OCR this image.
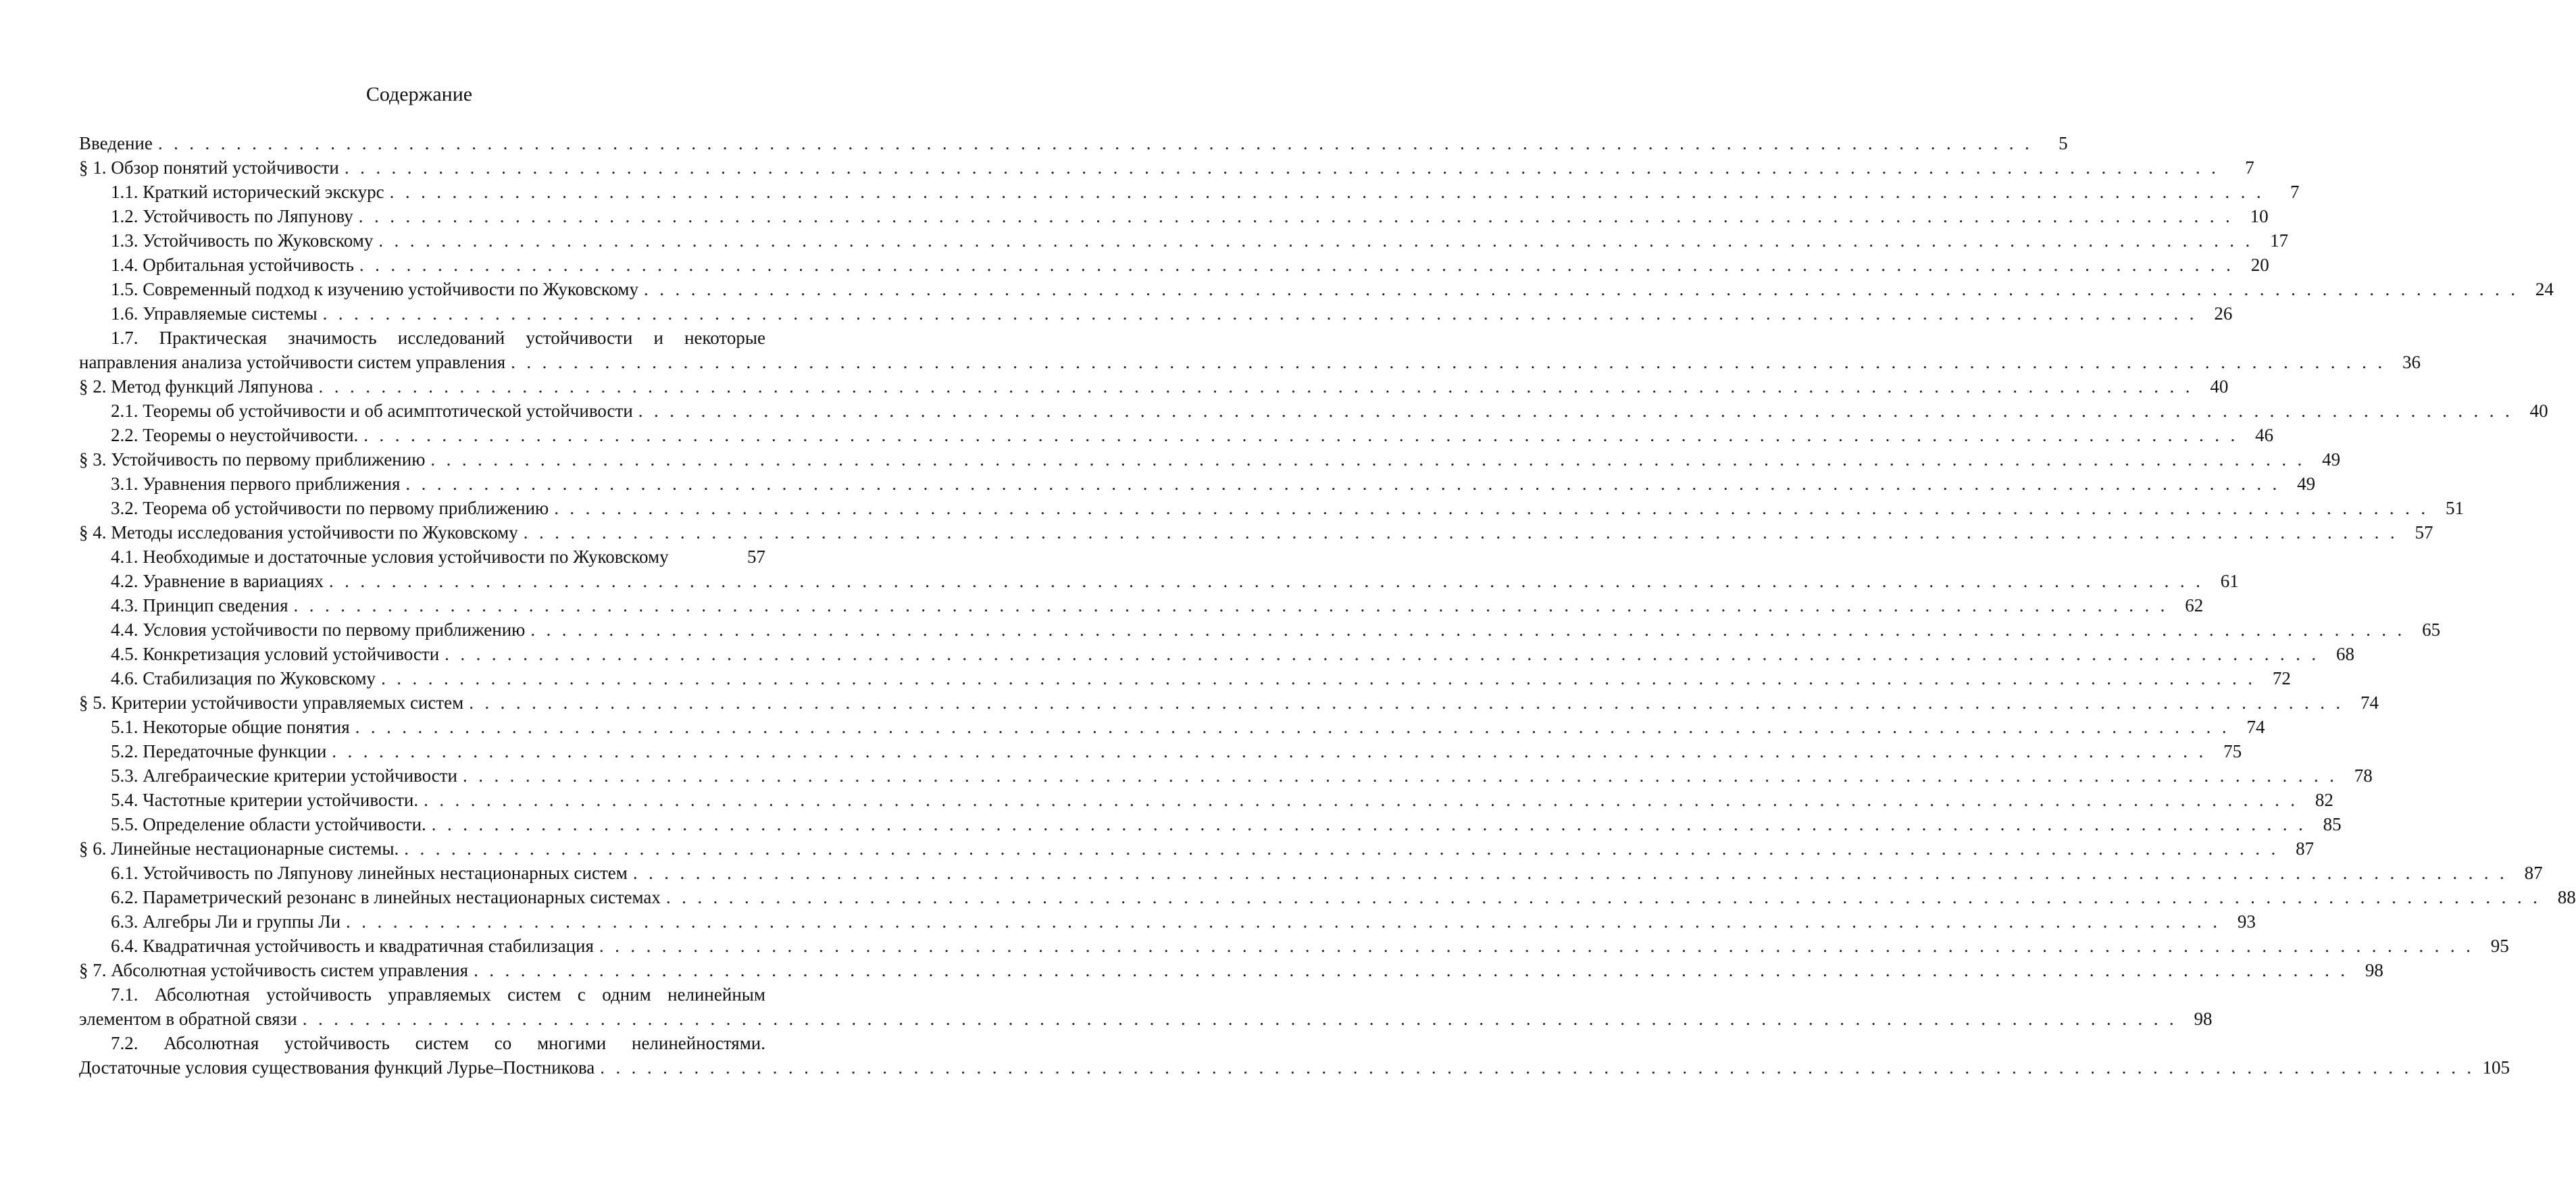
Содержание
Введение . . . . . . . . . . . . . . . . . . . . . . . . . . . . . . . . . . . . . . . . . . . . . . . . . . . . . . . . . . . . . . . . . . . . . . . . . . . . . . . . . . . . . . . . . . . . . . . . . . . . . . . . . . . . . . . . . . . . . . . .	5
§ 1. Обзор понятий устойчивости . . . . . . . . . . . . . . . . . . . . . . . . . . . . . . . . . . . . . . . . . . . . . . . . . . . . . . . . . . . . . . . . . . . . . . . . . . . . . . . . . . . . . . . . . . . . . . . . . . . . . . . . . . . . . . . . . . . . . . . .	7
1.1. Краткий исторический экскурс . . . . . . . . . . . . . . . . . . . . . . . . . . . . . . . . . . . . . . . . . . . . . . . . . . . . . . . . . . . . . . . . . . . . . . . . . . . . . . . . . . . . . . . . . . . . . . . . . . . . . . . . . . . . . . . . . . . . . . . .	7
1.2. Устойчивость по Ляпунову . . . . . . . . . . . . . . . . . . . . . . . . . . . . . . . . . . . . . . . . . . . . . . . . . . . . . . . . . . . . . . . . . . . . . . . . . . . . . . . . . . . . . . . . . . . . . . . . . . . . . . . . . . . . . . . . . . . . . . . . 10
1.3. Устойчивость по Жуковскому . . . . . . . . . . . . . . . . . . . . . . . . . . . . . . . . . . . . . . . . . . . . . . . . . . . . . . . . . . . . . . . . . . . . . . . . . . . . . . . . . . . . . . . . . . . . . . . . . . . . . . . . . . . . . . . . . . . . . . . . 17
1.4. Орбитальная устойчивость . . . . . . . . . . . . . . . . . . . . . . . . . . . . . . . . . . . . . . . . . . . . . . . . . . . . . . . . . . . . . . . . . . . . . . . . . . . . . . . . . . . . . . . . . . . . . . . . . . . . . . . . . . . . . . . . . . . . . . . . 20
1.5. Современный подход к изучению устойчивости по Жуковскому . . . . . . . . . . . . . . . . . . . . . . . . . . . . . . . . . . . . . . . . . . . . . . . . . . . . . . . . . . . . . . . . . . . . . . . . . . . . . . . . . . . . . . . . . . . . . . . . . . . . . . . . . . . . . . . . . . . . . . . . 24
1.6. Управляемые системы . . . . . . . . . . . . . . . . . . . . . . . . . . . . . . . . . . . . . . . . . . . . . . . . . . . . . . . . . . . . . . . . . . . . . . . . . . . . . . . . . . . . . . . . . . . . . . . . . . . . . . . . . . . . . . . . . . . . . . . . 26
1.7. Практическая значимость исследований устойчивости и некоторые
направления анализа устойчивости систем управления . . . . . . . . . . . . . . . . . . . . . . . . . . . . . . . . . . . . . . . . . . . . . . . . . . . . . . . . . . . . . . . . . . . . . . . . . . . . . . . . . . . . . . . . . . . . . . . . . . . . . . . . . . . . . . . . . . . . . . . . 36
§ 2. Метод функций Ляпунова . . . . . . . . . . . . . . . . . . . . . . . . . . . . . . . . . . . . . . . . . . . . . . . . . . . . . . . . . . . . . . . . . . . . . . . . . . . . . . . . . . . . . . . . . . . . . . . . . . . . . . . . . . . . . . . . . . . . . . . . 40
2.1. Теоремы об устойчивости и об асимптотической устойчивости . . . . . . . . . . . . . . . . . . . . . . . . . . . . . . . . . . . . . . . . . . . . . . . . . . . . . . . . . . . . . . . . . . . . . . . . . . . . . . . . . . . . . . . . . . . . . . . . . . . . . . . . . . . . . . . . . . . . . . . . 40
2.2. Теоремы о неустойчивости. . . . . . . . . . . . . . . . . . . . . . . . . . . . . . . . . . . . . . . . . . . . . . . . . . . . . . . . . . . . . . . . . . . . . . . . . . . . . . . . . . . . . . . . . . . . . . . . . . . . . . . . . . . . . . . . . . . . . . . . . 46
§ 3. Устойчивость по первому приближению . . . . . . . . . . . . . . . . . . . . . . . . . . . . . . . . . . . . . . . . . . . . . . . . . . . . . . . . . . . . . . . . . . . . . . . . . . . . . . . . . . . . . . . . . . . . . . . . . . . . . . . . . . . . . . . . . . . . . . . . 49
3.1. Уравнения первого приближения . . . . . . . . . . . . . . . . . . . . . . . . . . . . . . . . . . . . . . . . . . . . . . . . . . . . . . . . . . . . . . . . . . . . . . . . . . . . . . . . . . . . . . . . . . . . . . . . . . . . . . . . . . . . . . . . . . . . . . . . 49
3.2. Теорема об устойчивости по первому приближению . . . . . . . . . . . . . . . . . . . . . . . . . . . . . . . . . . . . . . . . . . . . . . . . . . . . . . . . . . . . . . . . . . . . . . . . . . . . . . . . . . . . . . . . . . . . . . . . . . . . . . . . . . . . . . . . . . . . . . . . 51
§ 4. Методы исследования устойчивости по Жуковскому . . . . . . . . . . . . . . . . . . . . . . . . . . . . . . . . . . . . . . . . . . . . . . . . . . . . . . . . . . . . . . . . . . . . . . . . . . . . . . . . . . . . . . . . . . . . . . . . . . . . . . . . . . . . . . . . . . . . . . . . 57
4.1. Необходимые и достаточные условия устойчивости по Жуковскому	57
4.2. Уравнение в вариациях . . . . . . . . . . . . . . . . . . . . . . . . . . . . . . . . . . . . . . . . . . . . . . . . . . . . . . . . . . . . . . . . . . . . . . . . . . . . . . . . . . . . . . . . . . . . . . . . . . . . . . . . . . . . . . . . . . . . . . . . 61
4.3. Принцип сведения . . . . . . . . . . . . . . . . . . . . . . . . . . . . . . . . . . . . . . . . . . . . . . . . . . . . . . . . . . . . . . . . . . . . . . . . . . . . . . . . . . . . . . . . . . . . . . . . . . . . . . . . . . . . . . . . . . . . . . . . 62
4.4. Условия устойчивости по первому приближению . . . . . . . . . . . . . . . . . . . . . . . . . . . . . . . . . . . . . . . . . . . . . . . . . . . . . . . . . . . . . . . . . . . . . . . . . . . . . . . . . . . . . . . . . . . . . . . . . . . . . . . . . . . . . . . . . . . . . . . . 65
4.5. Конкретизация условий устойчивости . . . . . . . . . . . . . . . . . . . . . . . . . . . . . . . . . . . . . . . . . . . . . . . . . . . . . . . . . . . . . . . . . . . . . . . . . . . . . . . . . . . . . . . . . . . . . . . . . . . . . . . . . . . . . . . . . . . . . . . . 68
4.6. Стабилизация по Жуковскому . . . . . . . . . . . . . . . . . . . . . . . . . . . . . . . . . . . . . . . . . . . . . . . . . . . . . . . . . . . . . . . . . . . . . . . . . . . . . . . . . . . . . . . . . . . . . . . . . . . . . . . . . . . . . . . . . . . . . . . . 72
§ 5. Критерии устойчивости управляемых систем . . . . . . . . . . . . . . . . . . . . . . . . . . . . . . . . . . . . . . . . . . . . . . . . . . . . . . . . . . . . . . . . . . . . . . . . . . . . . . . . . . . . . . . . . . . . . . . . . . . . . . . . . . . . . . . . . . . . . . . . 74
5.1. Некоторые общие понятия . . . . . . . . . . . . . . . . . . . . . . . . . . . . . . . . . . . . . . . . . . . . . . . . . . . . . . . . . . . . . . . . . . . . . . . . . . . . . . . . . . . . . . . . . . . . . . . . . . . . . . . . . . . . . . . . . . . . . . . . 74
5.2. Передаточные функции . . . . . . . . . . . . . . . . . . . . . . . . . . . . . . . . . . . . . . . . . . . . . . . . . . . . . . . . . . . . . . . . . . . . . . . . . . . . . . . . . . . . . . . . . . . . . . . . . . . . . . . . . . . . . . . . . . . . . . . . 75
5.3. Алгебраические критерии устойчивости . . . . . . . . . . . . . . . . . . . . . . . . . . . . . . . . . . . . . . . . . . . . . . . . . . . . . . . . . . . . . . . . . . . . . . . . . . . . . . . . . . . . . . . . . . . . . . . . . . . . . . . . . . . . . . . . . . . . . . . . 78
5.4. Частотные критерии устойчивости. . . . . . . . . . . . . . . . . . . . . . . . . . . . . . . . . . . . . . . . . . . . . . . . . . . . . . . . . . . . . . . . . . . . . . . . . . . . . . . . . . . . . . . . . . . . . . . . . . . . . . . . . . . . . . . . . . . . . . . . . 82
5.5. Определение области устойчивости. . . . . . . . . . . . . . . . . . . . . . . . . . . . . . . . . . . . . . . . . . . . . . . . . . . . . . . . . . . . . . . . . . . . . . . . . . . . . . . . . . . . . . . . . . . . . . . . . . . . . . . . . . . . . . . . . . . . . . . . . 85
§ 6. Линейные нестационарные системы. . . . . . . . . . . . . . . . . . . . . . . . . . . . . . . . . . . . . . . . . . . . . . . . . . . . . . . . . . . . . . . . . . . . . . . . . . . . . . . . . . . . . . . . . . . . . . . . . . . . . . . . . . . . . . . . . . . . . . . . . 87
6.1. Устойчивость по Ляпунову линейных нестационарных систем . . . . . . . . . . . . . . . . . . . . . . . . . . . . . . . . . . . . . . . . . . . . . . . . . . . . . . . . . . . . . . . . . . . . . . . . . . . . . . . . . . . . . . . . . . . . . . . . . . . . . . . . . . . . . . . . . . . . . . . . 87
6.2. Параметрический резонанс в линейных нестационарных системах . . . . . . . . . . . . . . . . . . . . . . . . . . . . . . . . . . . . . . . . . . . . . . . . . . . . . . . . . . . . . . . . . . . . . . . . . . . . . . . . . . . . . . . . . . . . . . . . . . . . . . . . . . . . . . . . . . . . . . . . 88
6.3. Алгебры Ли и группы Ли . . . . . . . . . . . . . . . . . . . . . . . . . . . . . . . . . . . . . . . . . . . . . . . . . . . . . . . . . . . . . . . . . . . . . . . . . . . . . . . . . . . . . . . . . . . . . . . . . . . . . . . . . . . . . . . . . . . . . . . . 93
6.4. Квадратичная устойчивость и квадратичная стабилизация . . . . . . . . . . . . . . . . . . . . . . . . . . . . . . . . . . . . . . . . . . . . . . . . . . . . . . . . . . . . . . . . . . . . . . . . . . . . . . . . . . . . . . . . . . . . . . . . . . . . . . . . . . . . . . . . . . . . . . . . 95
§ 7. Абсолютная устойчивость систем управления . . . . . . . . . . . . . . . . . . . . . . . . . . . . . . . . . . . . . . . . . . . . . . . . . . . . . . . . . . . . . . . . . . . . . . . . . . . . . . . . . . . . . . . . . . . . . . . . . . . . . . . . . . . . . . . . . . . . . . . . 98
7.1. Абсолютная устойчивость управляемых систем с одним нелинейным
элементом в обратной связи . . . . . . . . . . . . . . . . . . . . . . . . . . . . . . . . . . . . . . . . . . . . . . . . . . . . . . . . . . . . . . . . . . . . . . . . . . . . . . . . . . . . . . . . . . . . . . . . . . . . . . . . . . . . . . . . . . . . . . . . 98
7.2. Абсолютная устойчивость систем со многими нелинейностями.
Достаточные условия существования функций Лурье–Постникова . . . . . . . . . . . . . . . . . . . . . . . . . . . . . . . . . . . . . . . . . . . . . . . . . . . . . . . . . . . . . . . . . . . . . . . . . . . . . . . . . . . . . . . . . . . . . . . . . . . . . . . . . . . . . . . . . . . . . . . . 105
